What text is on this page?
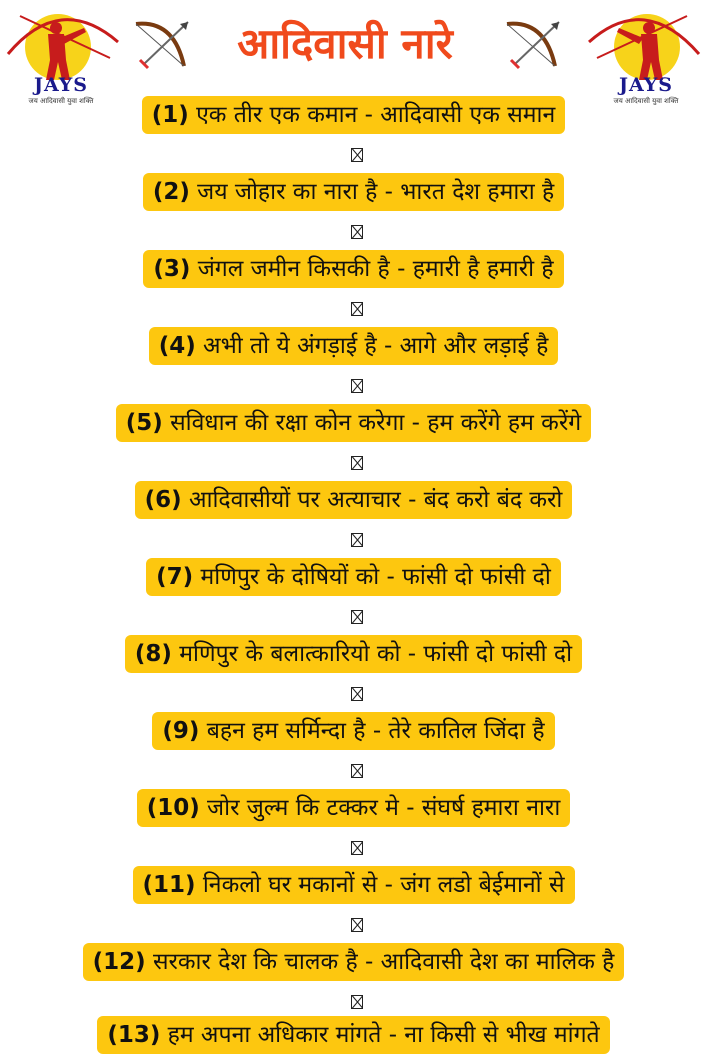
JAYS
जय आदिवासी युवा शक्ति
आदिवासी नारे
JAYS
जय आदिवासी युवा शक्ति
(1) एक तीर एक कमान - आदिवासी एक समान
(2) जय जोहार का नारा है - भारत देश हमारा है
(3) जंगल जमीन किसकी है - हमारी है हमारी है
(4) अभी तो ये अंगड़ाई है - आगे और लड़ाई है
(5) सविधान की रक्षा कोन करेगा - हम करेंगे हम करेंगे
(6) आदिवासीयों पर अत्याचार - बंद करो बंद करो
(7) मणिपुर के दोषियों को - फांसी दो फांसी दो
(8) मणिपुर के बलात्कारियो को - फांसी दो फांसी दो
(9) बहन हम सर्मिन्दा है - तेरे कातिल जिंदा है
(10) जोर जुल्म कि टक्कर मे - संघर्ष हमारा नारा
(11) निकलो घर मकानों से - जंग लडो बेईमानों से
(12) सरकार देश कि चालक है - आदिवासी देश का मालिक है
(13) हम अपना अधिकार मांगते - ना किसी से भीख मांगते
